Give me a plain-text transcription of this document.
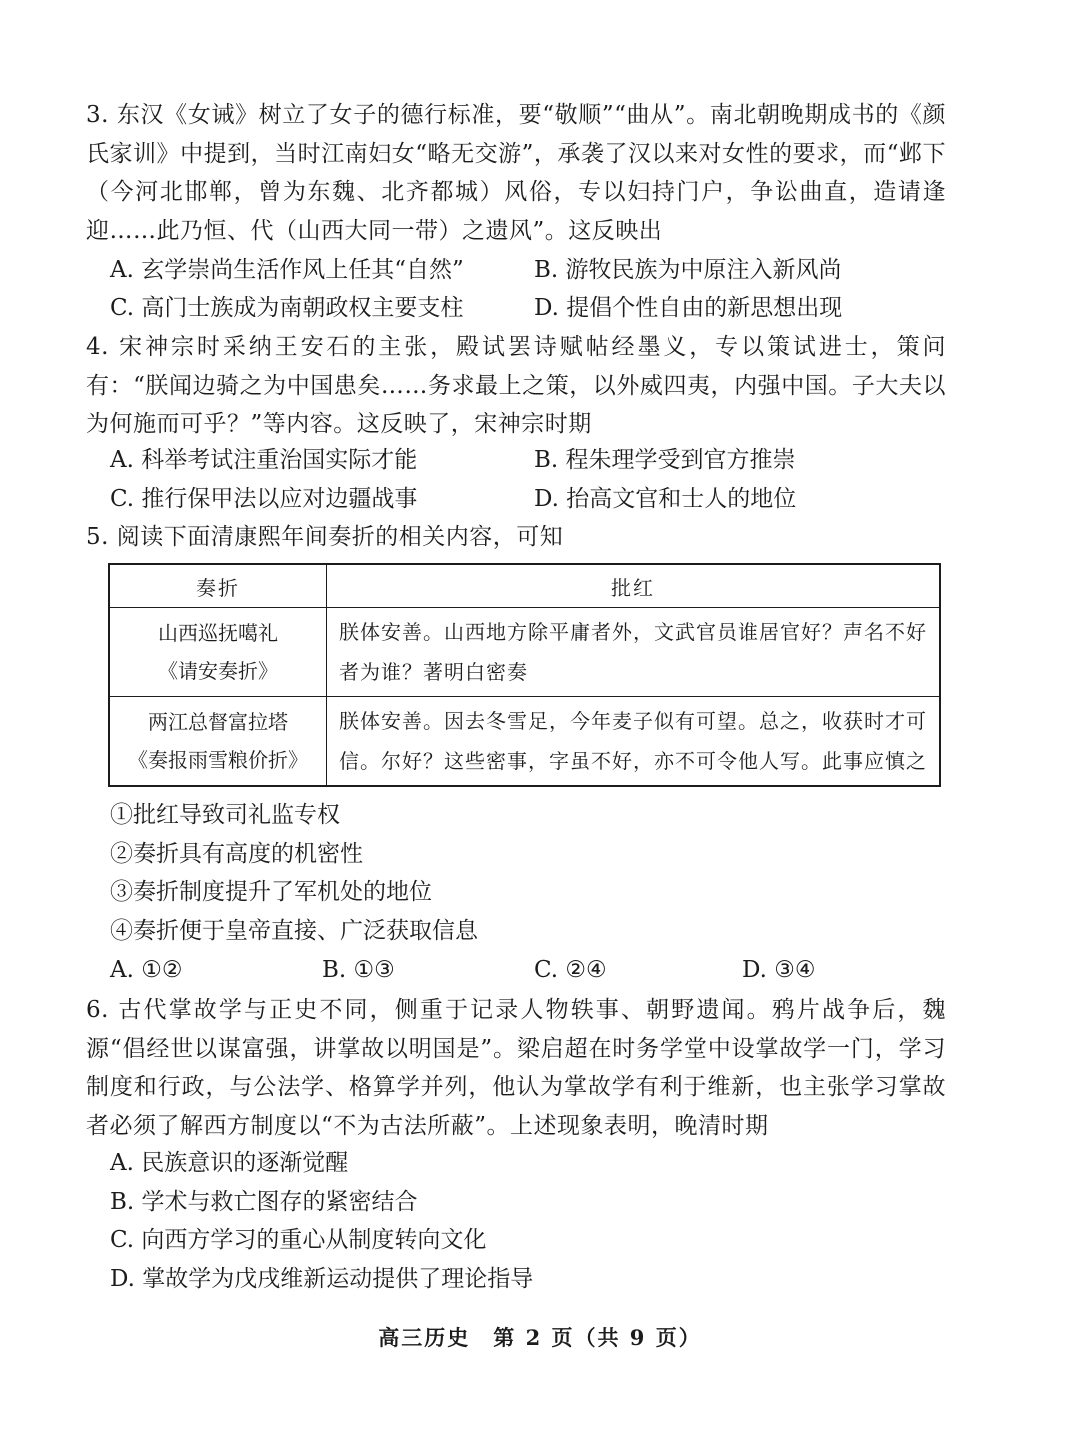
3. 东汉《女诫》树立了女子的德行标准，要“敬顺”“曲从”。南北朝晚期成书的《颜氏家训》中提到，当时江南妇女“略无交游”，承袭了汉以来对女性的要求，而“邺下（今河北邯郸，曾为东魏、北齐都城）风俗，专以妇持门户，争讼曲直，造请逢迎……此乃恒、代（山西大同一带）之遗风”。这反映出
A. 玄学崇尚生活作风上任其“自然”	B. 游牧民族为中原注入新风尚
C. 高门士族成为南朝政权主要支柱	D. 提倡个性自由的新思想出现
4. 宋神宗时采纳王安石的主张，殿试罢诗赋帖经墨义，专以策试进士，策问有：“朕闻边骑之为中国患矣……务求最上之策，以外威四夷，内强中国。子大夫以为何施而可乎？”等内容。这反映了，宋神宗时期
A. 科举考试注重治国实际才能	B. 程朱理学受到官方推崇
C. 推行保甲法以应对边疆战事	D. 抬高文官和士人的地位
5. 阅读下面清康熙年间奏折的相关内容，可知
奏折	批红

山西巡抚噶礼
《请安奏折》	朕体安善。山西地方除平庸者外，文武官员谁居官好？声名不好者为谁？著明白密奏

两江总督富拉塔
《奏报雨雪粮价折》	朕体安善。因去冬雪足，今年麦子似有可望。总之，收获时才可信。尔好？这些密事，字虽不好，亦不可令他人写。此事应慎之
①批红导致司礼监专权
②奏折具有高度的机密性
③奏折制度提升了军机处的地位
④奏折便于皇帝直接、广泛获取信息
A. ①②	B. ①③	C. ②④	D. ③④
6. 古代掌故学与正史不同，侧重于记录人物轶事、朝野遗闻。鸦片战争后，魏源“倡经世以谋富强，讲掌故以明国是”。梁启超在时务学堂中设掌故学一门，学习制度和行政，与公法学、格算学并列，他认为掌故学有利于维新，也主张学习掌故者必须了解西方制度以“不为古法所蔽”。上述现象表明，晚清时期
A. 民族意识的逐渐觉醒
B. 学术与救亡图存的紧密结合
C. 向西方学习的重心从制度转向文化
D. 掌故学为戊戌维新运动提供了理论指导
高三历史　第 2 页（共 9 页）
